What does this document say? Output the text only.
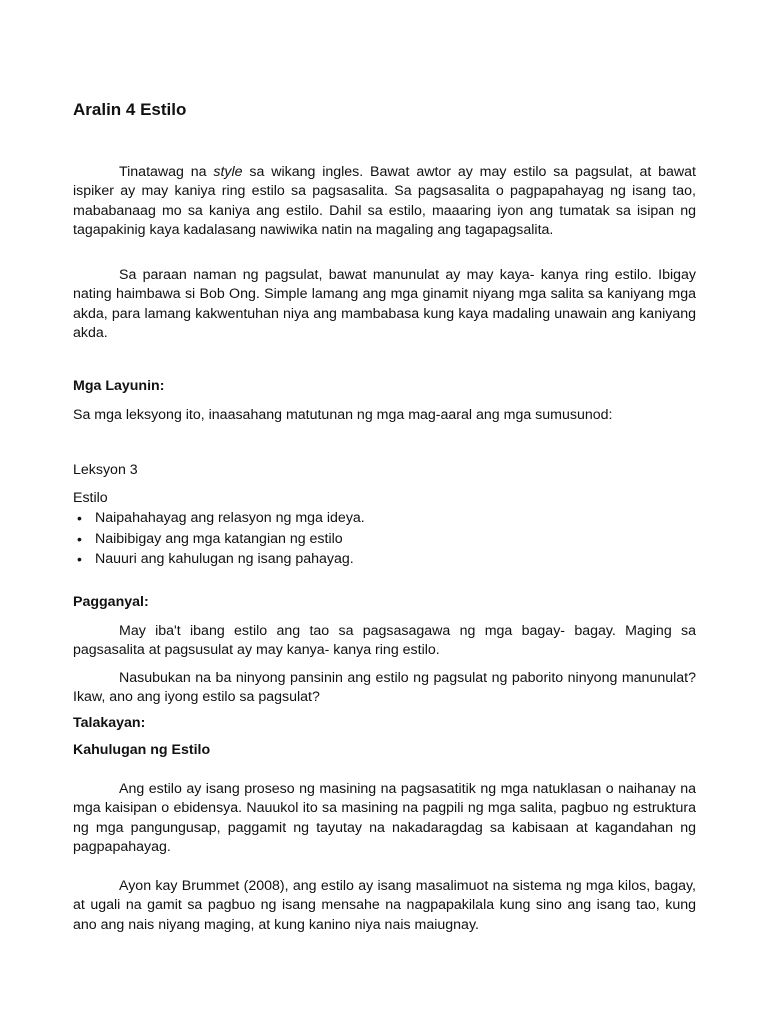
Aralin 4 Estilo

Tinatawag na style sa wikang ingles. Bawat awtor ay may estilo sa pagsulat, at bawat ispiker ay may kaniya ring estilo sa pagsasalita. Sa pagsasalita o pagpapahayag ng isang tao, mababanaag mo sa kaniya ang estilo. Dahil sa estilo, maaaring iyon ang tumatak sa isipan ng tagapakinig kaya kadalasang nawiwika natin na magaling ang tagapagsalita.

Sa paraan naman ng pagsulat, bawat manunulat ay may kaya- kanya ring estilo. Ibigay nating haimbawa si Bob Ong. Simple lamang ang mga ginamit niyang mga salita sa kaniyang mga akda, para lamang kakwentuhan niya ang mambabasa kung kaya madaling unawain ang kaniyang akda.

Mga Layunin:

Sa mga leksyong ito, inaasahang matutunan ng mga mag-aaral ang mga sumusunod:

Leksyon 3

Estilo

• Naipahahayag ang relasyon ng mga ideya.
• Naibibigay ang mga katangian ng estilo
• Nauuri ang kahulugan ng isang pahayag.
Pagganyal:

May iba't ibang estilo ang tao sa pagsasagawa ng mga bagay- bagay. Maging sa pagsasalita at pagsusulat ay may kanya- kanya ring estilo.

Nasubukan na ba ninyong pansinin ang estilo ng pagsulat ng paborito ninyong manunulat? Ikaw, ano ang iyong estilo sa pagsulat?

Talakayan:
Kahulugan ng Estilo

Ang estilo ay isang proseso ng masining na pagsasatitik ng mga natuklasan o naihanay na mga kaisipan o ebidensya. Nauukol ito sa masining na pagpili ng mga salita, pagbuo ng estruktura ng mga pangungusap, paggamit ng tayutay na nakadaragdag sa kabisaan at kagandahan ng pagpapahayag.

Ayon kay Brummet (2008), ang estilo ay isang masalimuot na sistema ng mga kilos, bagay, at ugali na gamit sa pagbuo ng isang mensahe na nagpapakilala kung sino ang isang tao, kung ano ang nais niyang maging, at kung kanino niya nais maiugnay.
